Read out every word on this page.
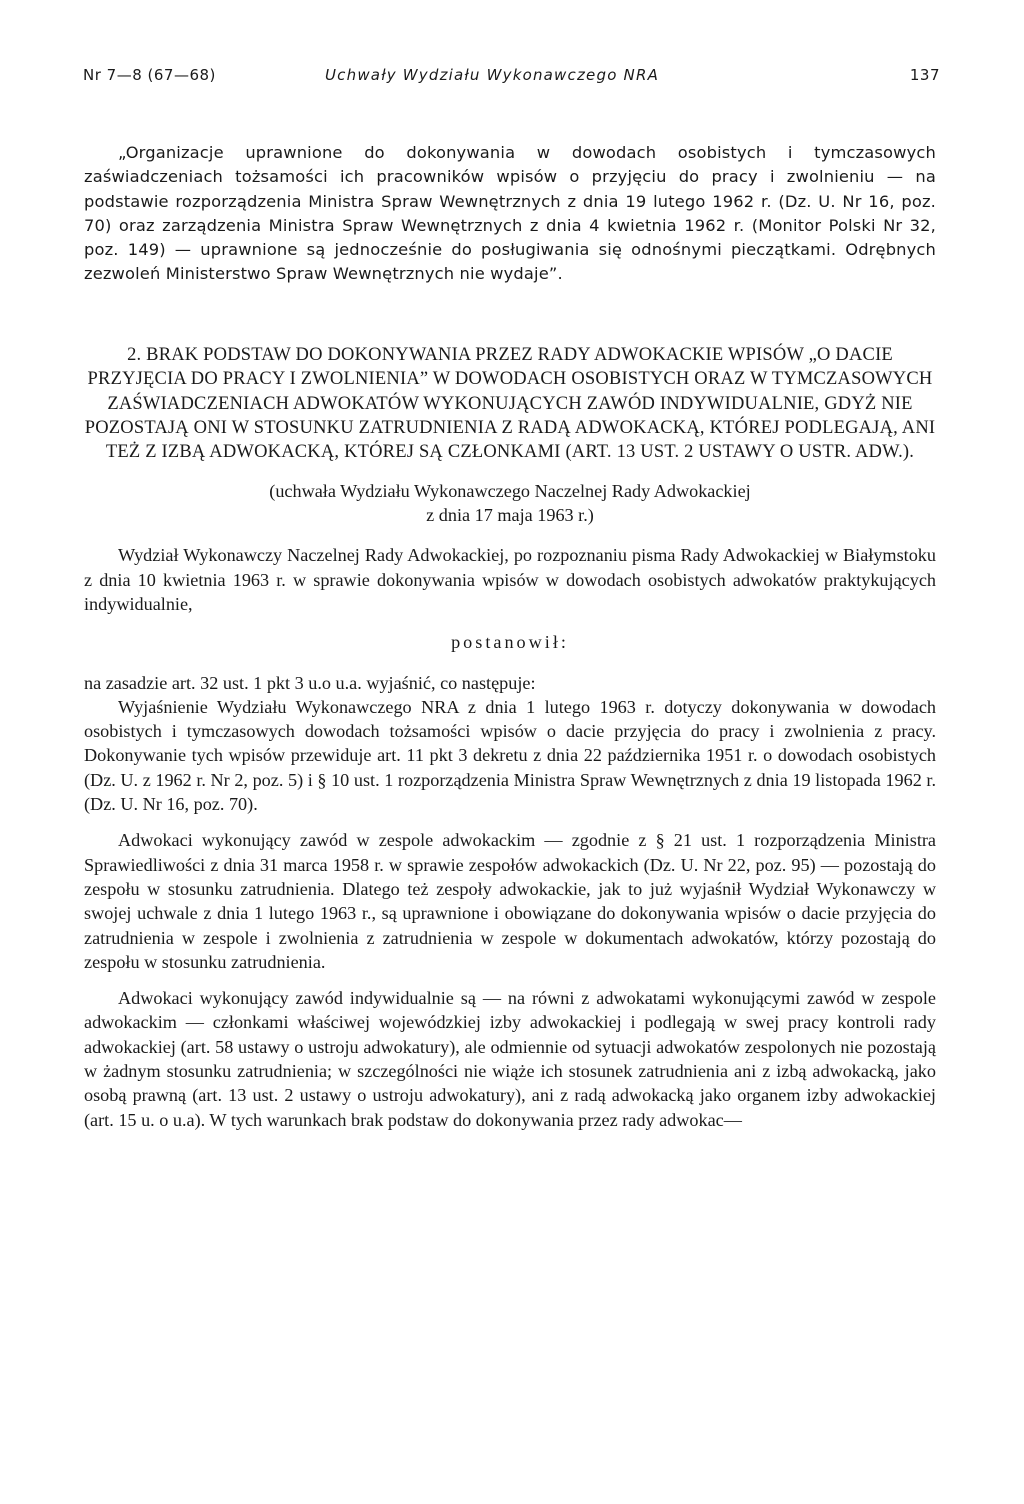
Nr 7—8 (67—68)	Uchwały Wydziału Wykonawczego NRA	137

„Organizacje uprawnione do dokonywania w dowodach osobistych i tymczasowych zaświadczeniach tożsamości ich pracowników wpisów o przyjęciu do pracy i zwolnieniu — na podstawie rozporządzenia Ministra Spraw Wewnętrznych z dnia 19 lutego 1962 r. (Dz. U. Nr 16, poz. 70) oraz zarządzenia Ministra Spraw Wewnętrznych z dnia 4 kwietnia 1962 r. (Monitor Polski Nr 32, poz. 149) — uprawnione są jednocześnie do posługiwania się odnośnymi pieczątkami. Odrębnych zezwoleń Ministerstwo Spraw Wewnętrznych nie wydaje”.

2. BRAK PODSTAW DO DOKONYWANIA PRZEZ RADY ADWOKACKIE WPISÓW „O DACIE PRZYJĘCIA DO PRACY I ZWOLNIENIA” W DOWODACH OSOBISTYCH ORAZ W TYMCZASOWYCH ZAŚWIADCZENIACH ADWOKATÓW WYKONUJĄCYCH ZAWÓD INDYWIDUALNIE, GDYŻ NIE POZOSTAJĄ ONI W STOSUNKU ZATRUDNIENIA Z RADĄ ADWOKACKĄ, KTÓREJ PODLEGAJĄ, ANI TEŻ Z IZBĄ ADWOKACKĄ, KTÓREJ SĄ CZŁONKAMI (ART. 13 UST. 2 USTAWY O USTR. ADW.).

(uchwała Wydziału Wykonawczego Naczelnej Rady Adwokackiej
z dnia 17 maja 1963 r.)

Wydział Wykonawczy Naczelnej Rady Adwokackiej, po rozpoznaniu pisma Rady Adwokackiej w Białymstoku z dnia 10 kwietnia 1963 r. w sprawie dokonywania wpisów w dowodach osobistych adwokatów praktykujących indywidualnie,

postanowił:

na zasadzie art. 32 ust. 1 pkt 3 u.o u.a. wyjaśnić, co następuje:

Wyjaśnienie Wydziału Wykonawczego NRA z dnia 1 lutego 1963 r. dotyczy dokonywania w dowodach osobistych i tymczasowych dowodach tożsamości wpisów o dacie przyjęcia do pracy i zwolnienia z pracy. Dokonywanie tych wpisów przewiduje art. 11 pkt 3 dekretu z dnia 22 października 1951 r. o dowodach osobistych (Dz. U. z 1962 r. Nr 2, poz. 5) i § 10 ust. 1 rozporządzenia Ministra Spraw Wewnętrznych z dnia 19 listopada 1962 r. (Dz. U. Nr 16, poz. 70).

Adwokaci wykonujący zawód w zespole adwokackim — zgodnie z § 21 ust. 1 rozporządzenia Ministra Sprawiedliwości z dnia 31 marca 1958 r. w sprawie zespołów adwokackich (Dz. U. Nr 22, poz. 95) — pozostają do zespołu w stosunku zatrudnienia. Dlatego też zespoły adwokackie, jak to już wyjaśnił Wydział Wykonawczy w swojej uchwale z dnia 1 lutego 1963 r., są uprawnione i obowiązane do dokonywania wpisów o dacie przyjęcia do zatrudnienia w zespole i zwolnienia z zatrudnienia w zespole w dokumentach adwokatów, którzy pozostają do zespołu w stosunku zatrudnienia.

Adwokaci wykonujący zawód indywidualnie są — na równi z adwokatami wykonującymi zawód w zespole adwokackim — członkami właściwej wojewódzkiej izby adwokackiej i podlegają w swej pracy kontroli rady adwokackiej (art. 58 ustawy o ustroju adwokatury), ale odmiennie od sytuacji adwokatów zespolonych nie pozostają w żadnym stosunku zatrudnienia; w szczególności nie wiąże ich stosunek zatrudnienia ani z izbą adwokacką, jako osobą prawną (art. 13 ust. 2 ustawy o ustroju adwokatury), ani z radą adwokacką jako organem izby adwokackiej (art. 15 u. o u.a). W tych warunkach brak podstaw do dokonywania przez rady adwokac—
